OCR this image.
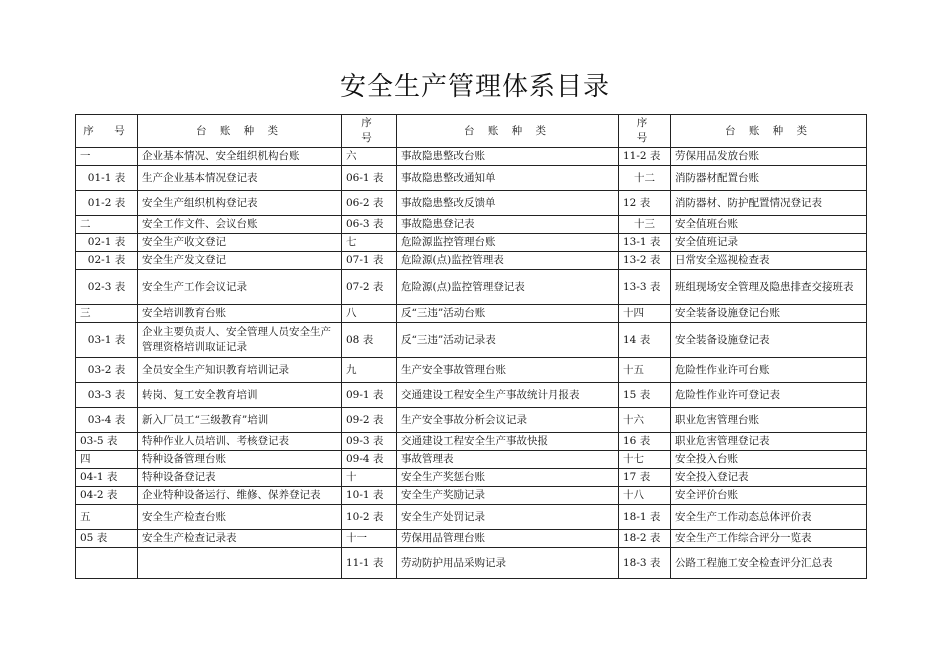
安全生产管理体系目录
序　号	台 账 种 类	序　号	台 账 种 类	序　号	台 账 种 类
一	企业基本情况、安全组织机构台账	六	事故隐患整改台账	11-2 表	劳保用品发放台账
01-1 表	生产企业基本情况登记表	06-1 表	事故隐患整改通知单	十二	消防器材配置台账
01-2 表	安全生产组织机构登记表	06-2 表	事故隐患整改反馈单	12 表	消防器材、防护配置情况登记表
二	安全工作文件、会议台账	06-3 表	事故隐患登记表	十三	安全值班台账
02-1 表	安全生产收文登记	七	危险源监控管理台账	13-1 表	安全值班记录
02-1 表	安全生产发文登记	07-1 表	危险源(点)监控管理表	13-2 表	日常安全巡视检查表
02-3 表	安全生产工作会议记录	07-2 表	危险源(点)监控管理登记表	13-3 表	班组现场安全管理及隐患排查交接班表
三	安全培训教育台账	八	反“三违”活动台账	十四	安全装备设施登记台账
03-1 表	企业主要负责人、安全管理人员安全生产管理资格培训取证记录	08 表	反“三违”活动记录表	14 表	安全装备设施登记表
03-2 表	全员安全生产知识教育培训记录	九	生产安全事故管理台账	十五	危险性作业许可台账
03-3 表	转岗、复工安全教育培训	09-1 表	交通建设工程安全生产事故统计月报表	15 表	危险性作业许可登记表
03-4 表	新入厂员工“三级教育”培训	09-2 表	生产安全事故分析会议记录	十六	职业危害管理台账
03-5 表	特种作业人员培训、考核登记表	09-3 表	交通建设工程安全生产事故快报	16 表	职业危害管理登记表
四	特种设备管理台账	09-4 表	事故管理表	十七	安全投入台账
04-1 表	特种设备登记表	十	安全生产奖惩台账	17 表	安全投入登记表
04-2 表	企业特种设备运行、维修、保养登记表	10-1 表	安全生产奖励记录	十八	安全评价台账
五	安全生产检查台账	10-2 表	安全生产处罚记录	18-1 表	安全生产工作动态总体评价表
05 表	安全生产检查记录表	十一	劳保用品管理台账	18-2 表	安全生产工作综合评分一览表
		11-1 表	劳动防护用品采购记录	18-3 表	公路工程施工安全检查评分汇总表
